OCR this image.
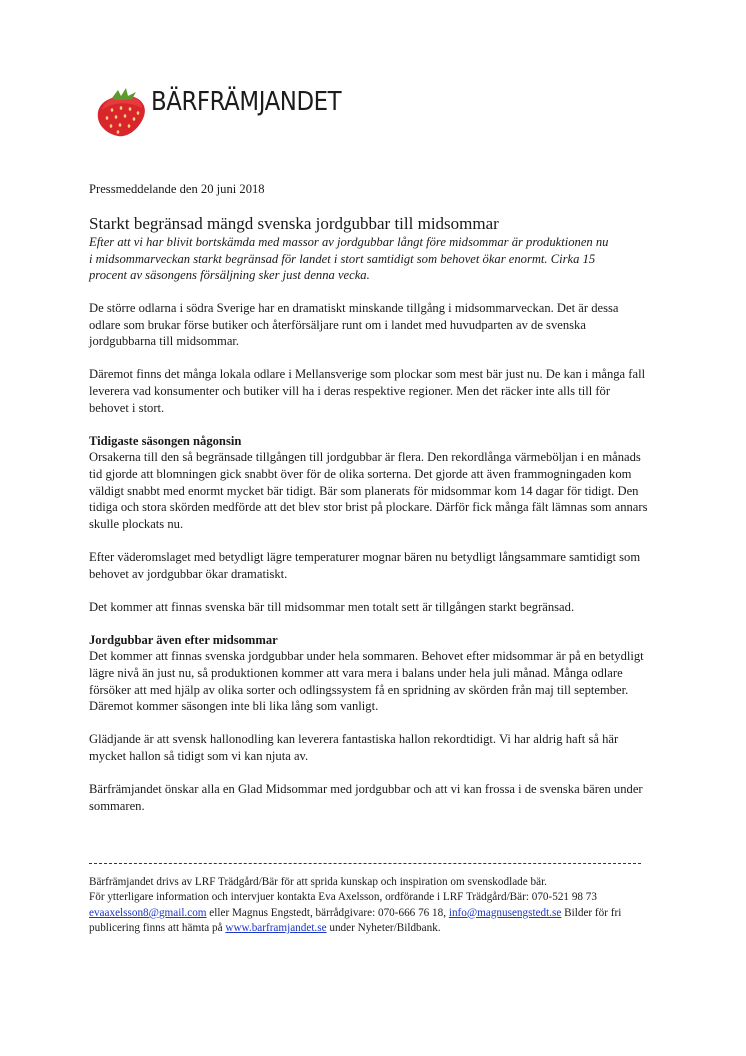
BÄRFRÄMJANDET
Pressmeddelande den 20 juni 2018
Starkt begränsad mängd svenska jordgubbar till midsommar
Efter att vi har blivit bortskämda med massor av jordgubbar långt före midsommar är produktionen nu i midsommarveckan starkt begränsad för landet i stort samtidigt som behovet ökar enormt. Cirka 15 procent av säsongens försäljning sker just denna vecka.

De större odlarna i södra Sverige har en dramatiskt minskande tillgång i midsommarveckan. Det är dessa odlare som brukar förse butiker och återförsäljare runt om i landet med huvudparten av de svenska jordgubbarna till midsommar.

Däremot finns det många lokala odlare i Mellansverige som plockar som mest bär just nu. De kan i många fall leverera vad konsumenter och butiker vill ha i deras respektive regioner. Men det räcker inte alls till för behovet i stort.

Tidigaste säsongen någonsin

Orsakerna till den så begränsade tillgången till jordgubbar är flera. Den rekordlånga värmeböljan i en månads tid gjorde att blomningen gick snabbt över för de olika sorterna. Det gjorde att även frammogningaden kom väldigt snabbt med enormt mycket bär tidigt. Bär som planerats för midsommar kom 14 dagar för tidigt. Den tidiga och stora skörden medförde att det blev stor brist på plockare. Därför fick många fält lämnas som annars skulle plockats nu.

Efter väderomslaget med betydligt lägre temperaturer mognar bären nu betydligt långsammare samtidigt som behovet av jordgubbar ökar dramatiskt.

Det kommer att finnas svenska bär till midsommar men totalt sett är tillgången starkt begränsad.

Jordgubbar även efter midsommar

Det kommer att finnas svenska jordgubbar under hela sommaren. Behovet efter midsommar är på en betydligt lägre nivå än just nu, så produktionen kommer att vara mera i balans under hela juli månad. Många odlare försöker att med hjälp av olika sorter och odlingssystem få en spridning av skörden från maj till september. Däremot kommer säsongen inte bli lika lång som vanligt.

Glädjande är att svensk hallonodling kan leverera fantastiska hallon rekordtidigt. Vi har aldrig haft så här mycket hallon så tidigt som vi kan njuta av.

Bärfrämjandet önskar alla en Glad Midsommar med jordgubbar och att vi kan frossa i de svenska bären under sommaren.

Bärfrämjandet drivs av LRF Trädgård/Bär för att sprida kunskap och inspiration om svenskodlade bär.
För ytterligare information och intervjuer kontakta Eva Axelsson, ordförande i LRF Trädgård/Bär: 070-521 98 73 evaaxelsson8@gmail.com eller Magnus Engstedt, bärrådgivare: 070-666 76 18, info@magnusengstedt.se Bilder för fri publicering finns att hämta på www.barframjandet.se under Nyheter/Bildbank.
